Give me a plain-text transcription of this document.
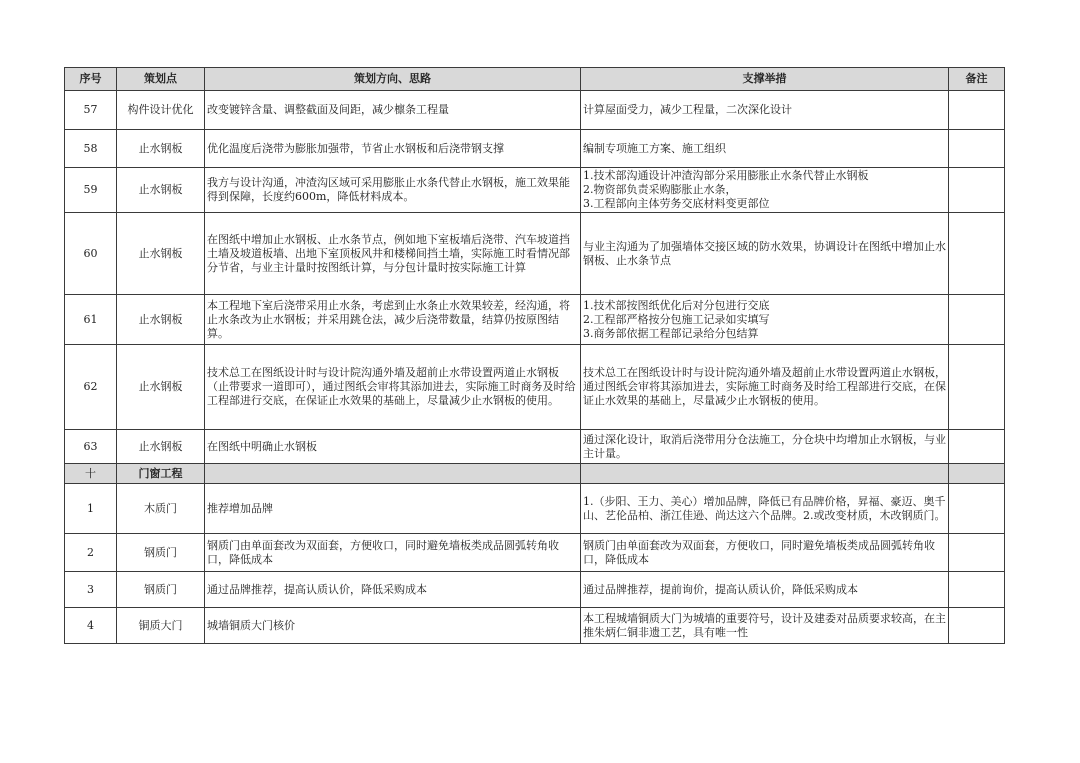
序号	策划点	策划方向、思路	支撑举措	备注
57	构件设计优化	改变镀锌含量、调整截面及间距，减少檩条工程量	计算屋面受力，减少工程量，二次深化设计	
58	止水钢板	优化温度后浇带为膨胀加强带，节省止水钢板和后浇带钢支撑	编制专项施工方案、施工组织	
59	止水钢板	我方与设计沟通，冲渣沟区域可采用膨胀止水条代替止水钢板，施工效果能得到保障，长度约600m，降低材料成本。	1.技术部沟通设计冲渣沟部分采用膨胀止水条代替止水钢板
2.物资部负责采购膨胀止水条，
3.工程部向主体劳务交底材料变更部位	
60	止水钢板	在图纸中增加止水钢板、止水条节点，例如地下室板墙后浇带、汽车坡道挡土墙及坡道板墙、出地下室顶板风井和楼梯间挡土墙，实际施工时看情况部分节省，与业主计量时按图纸计算，与分包计量时按实际施工计算	与业主沟通为了加强墙体交接区域的防水效果，协调设计在图纸中增加止水钢板、止水条节点	
61	止水钢板	本工程地下室后浇带采用止水条，考虑到止水条止水效果较差，经沟通，将止水条改为止水钢板；并采用跳仓法，减少后浇带数量，结算仍按原图结算。	1.技术部按图纸优化后对分包进行交底
2.工程部严格按分包施工记录如实填写
3.商务部依据工程部记录给分包结算	
62	止水钢板	技术总工在图纸设计时与设计院沟通外墙及超前止水带设置两道止水钢板（止带要求一道即可），通过图纸会审将其添加进去，实际施工时商务及时给工程部进行交底，在保证止水效果的基础上，尽量减少止水钢板的使用。	技术总工在图纸设计时与设计院沟通外墙及超前止水带设置两道止水钢板，通过图纸会审将其添加进去，实际施工时商务及时给工程部进行交底，在保证止水效果的基础上，尽量减少止水钢板的使用。	
63	止水钢板	在图纸中明确止水钢板	通过深化设计，取消后浇带用分仓法施工，分仓块中均增加止水钢板，与业主计量。	
十	门窗工程			
1	木质门	推荐增加品牌	1.（步阳、王力、美心）增加品牌，降低已有品牌价格，昇福、豪迈、奥千山、艺伦品柏、浙江佳逊、尚达这六个品牌。2.或改变材质，木改钢质门。	
2	钢质门	钢质门由单面套改为双面套，方便收口，同时避免墙板类成品圆弧转角收口，降低成本	钢质门由单面套改为双面套，方便收口，同时避免墙板类成品圆弧转角收口，降低成本	
3	钢质门	通过品牌推荐，提高认质认价，降低采购成本	通过品牌推荐，提前询价，提高认质认价，降低采购成本	
4	铜质大门	城墙铜质大门核价	本工程城墙铜质大门为城墙的重要符号，设计及建委对品质要求较高，在主推朱炳仁铜非遗工艺，具有唯一性	
